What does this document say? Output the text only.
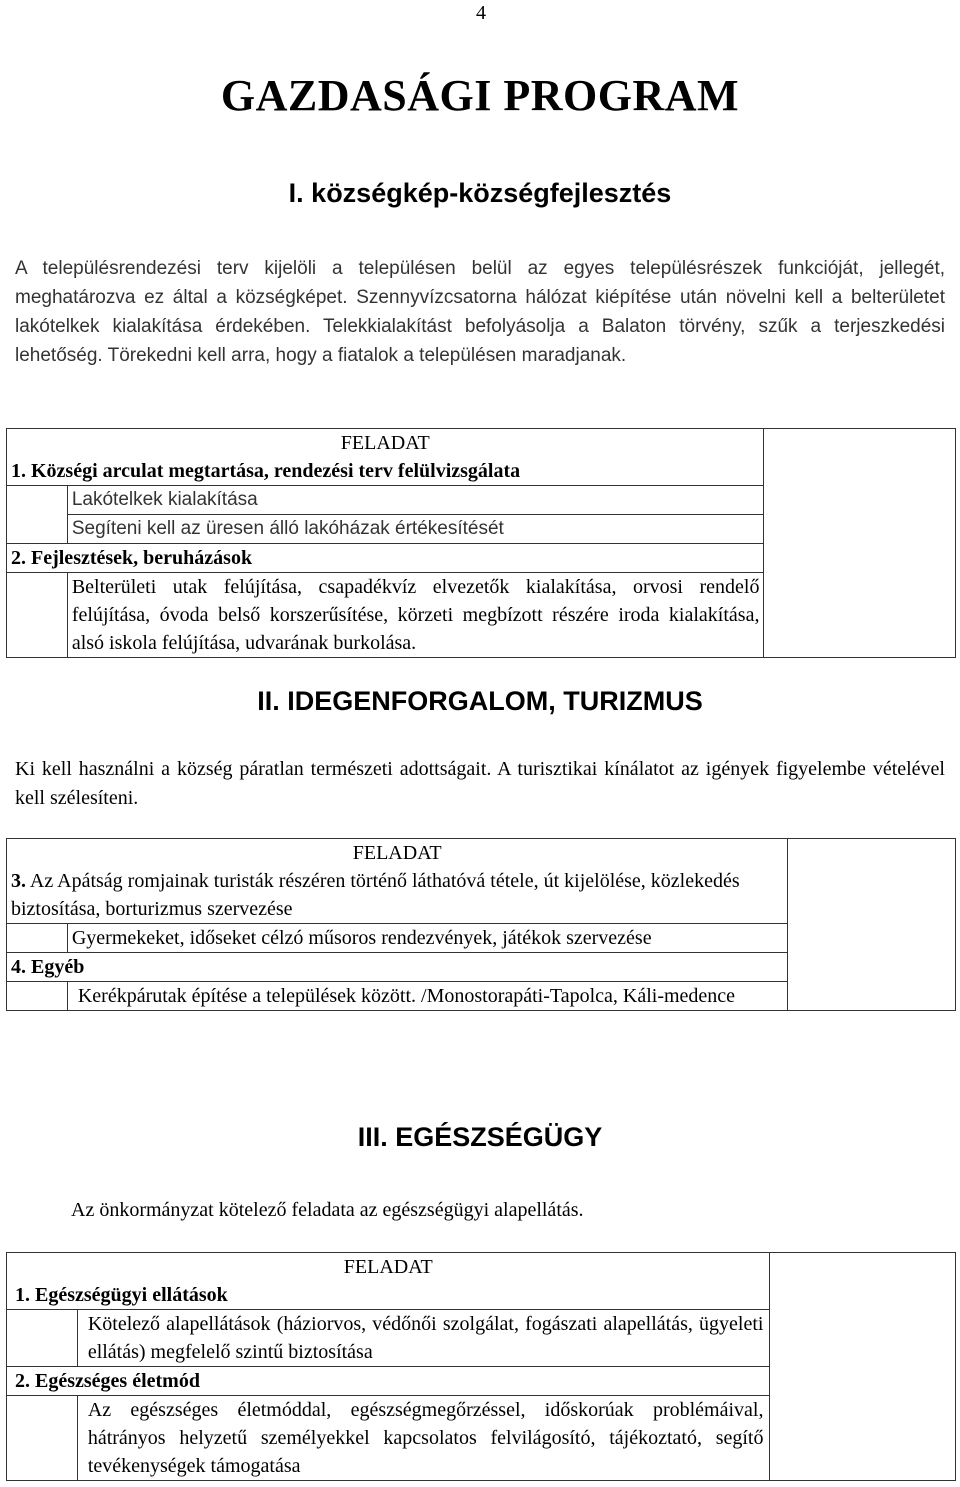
4
GAZDASÁGI PROGRAM
I. községkép-községfejlesztés
A településrendezési terv kijelöli a településen belül az egyes településrészek funkcióját, jellegét, meghatározva ez által a községképet. Szennyvízcsatorna hálózat kiépítése után növelni kell a belterületet lakótelkek kialakítása érdekében. Telekkialakítást befolyásolja a Balaton törvény, szűk a terjeszkedési lehetőség. Törekedni kell arra, hogy a fiatalok a településen maradjanak.
FELADAT		
1. Községi arculat megtartása, rendezési terv felülvizsgálata		
	Lakótelkek kialakítása	
	Segíteni kell az üresen álló lakóházak értékesítését	
2. Fejlesztések, beruházások		
	Belterületi utak felújítása, csapadékvíz elvezetők kialakítása, orvosi rendelő felújítása, óvoda belső korszerűsítése, körzeti megbízott részére iroda kialakítása, alsó iskola felújítása, udvarának burkolása.	
II. IDEGENFORGALOM, TURIZMUS
Ki kell használni a község páratlan természeti adottságait. A turisztikai kínálatot az igények figyelembe vételével kell szélesíteni.
FELADAT		
3. Az Apátság romjainak turisták részéren történő láthatóvá tétele, út kijelölése, közlekedés biztosítása, borturizmus szervezése		
	Gyermekeket, időseket célzó műsoros rendezvények, játékok szervezése	
4. Egyéb		
	Kerékpárutak építése a települések között. /Monostorapáti-Tapolca, Káli-medence	
III. EGÉSZSÉGÜGY
Az önkormányzat kötelező feladata az egészségügyi alapellátás.
FELADAT		
1. Egészségügyi ellátások		
	Kötelező alapellátások (háziorvos, védőnői szolgálat, fogászati alapellátás, ügyeleti ellátás) megfelelő szintű biztosítása	
2. Egészséges életmód		
	Az egészséges életmóddal, egészségmegőrzéssel, időskorúak problémáival, hátrányos helyzetű személyekkel kapcsolatos felvilágosító, tájékoztató, segítő tevékenységek támogatása	
